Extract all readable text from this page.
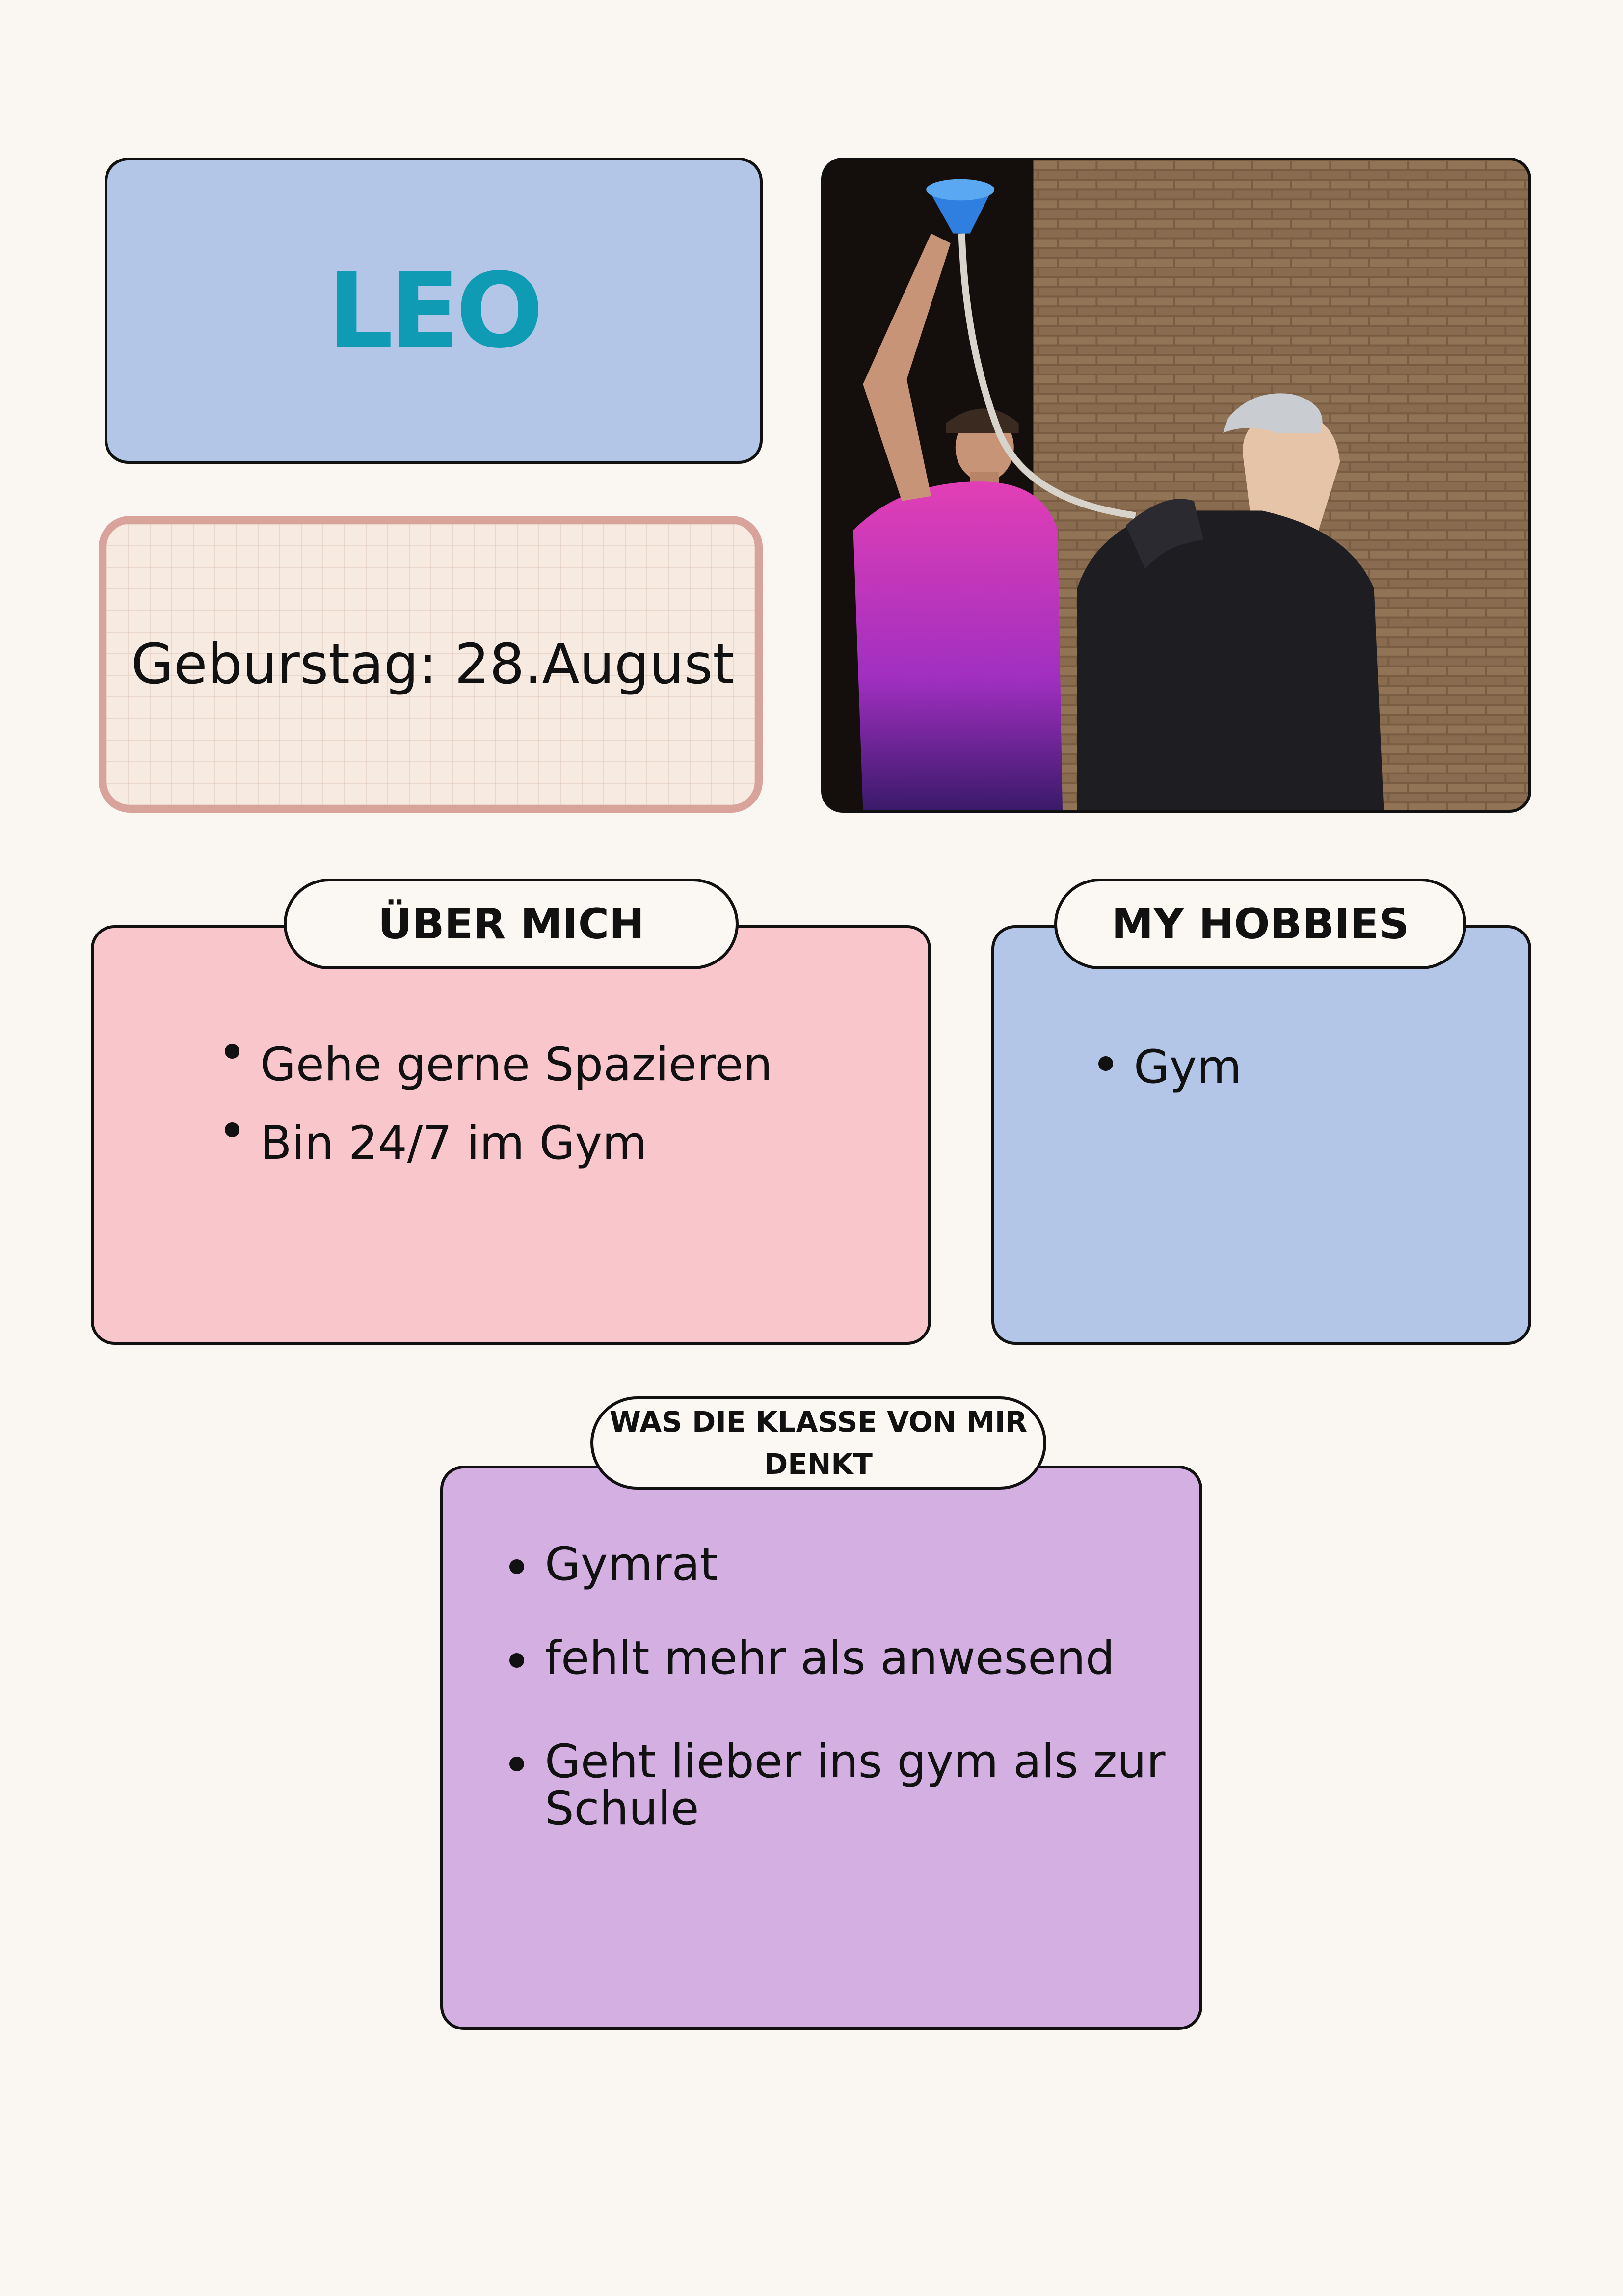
LEO
Geburstag: 28.August
ÜBER MICH
Gehe gerne Spazieren
Bin 24/7 im Gym
MY HOBBIES
Gym
WAS DIE KLASSE VON MIR DENKT
Gymrat
fehlt mehr als anwesend
Geht lieber ins gym als zur Schule
